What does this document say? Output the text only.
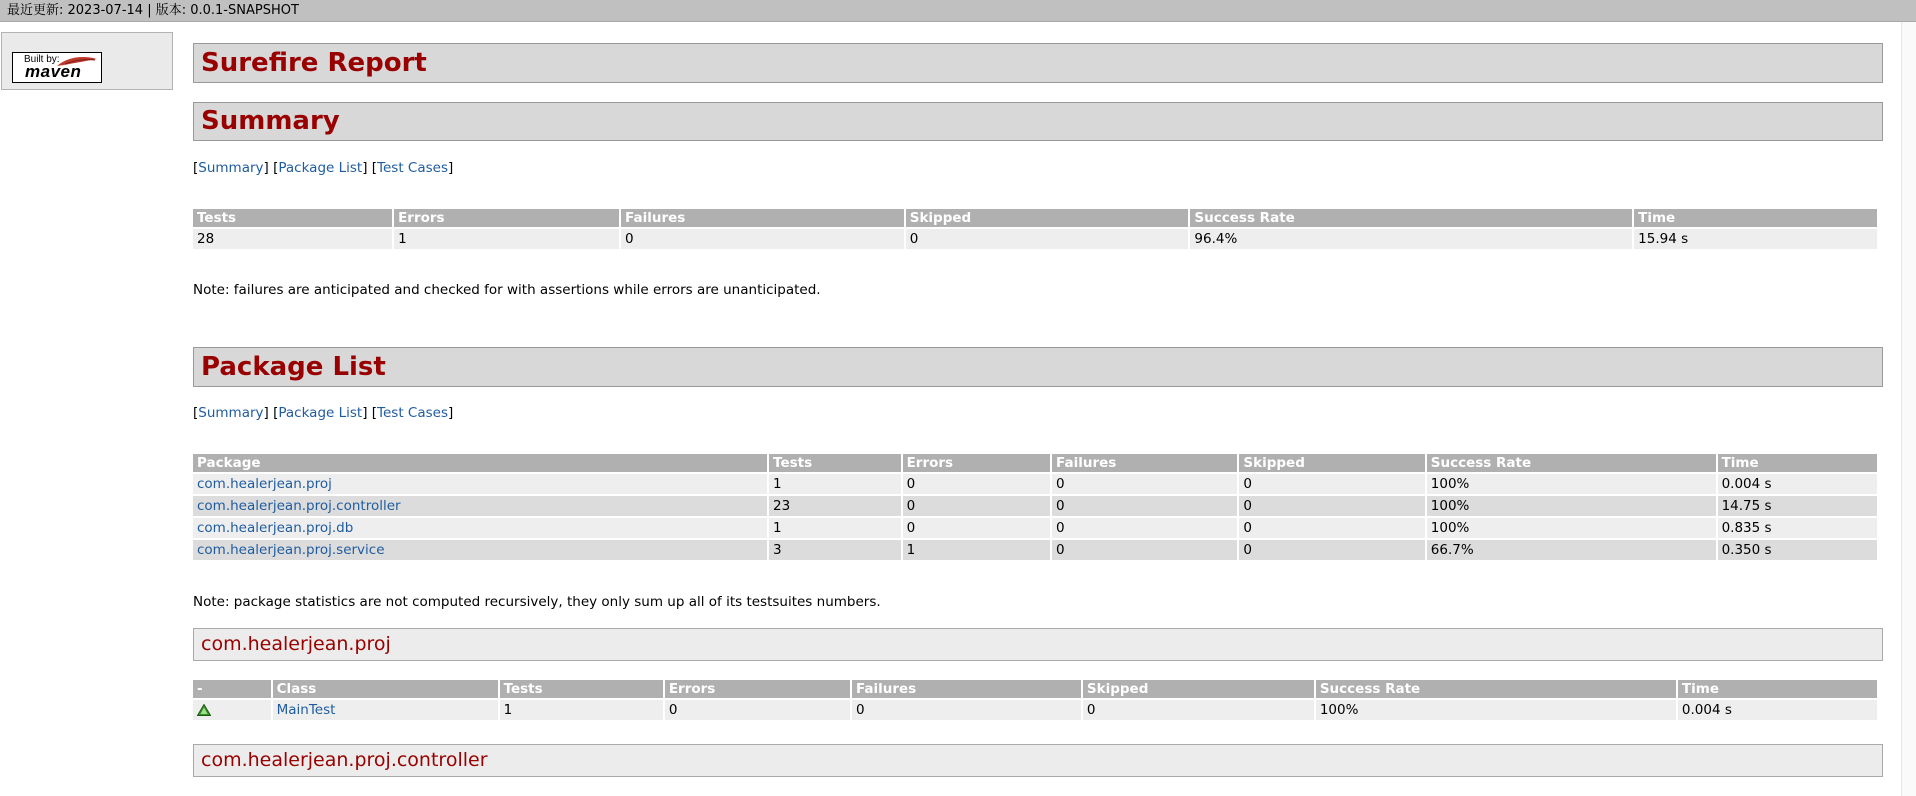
最近更新: 2023-07-14 | 版本: 0.0.1-SNAPSHOT
Built by:
maven	Surefire Report
Summary
[Summary] [Package List] [Test Cases]
Tests	Errors	Failures	Skipped	Success Rate	Time
28	1	0	0	96.4%	15.94 s
Note: failures are anticipated and checked for with assertions while errors are unanticipated.
Package List
[Summary] [Package List] [Test Cases]
Package	Tests	Errors	Failures	Skipped	Success Rate	Time
com.healerjean.proj	1	0	0	0	100%	0.004 s
com.healerjean.proj.controller	23	0	0	0	100%	14.75 s
com.healerjean.proj.db	1	0	0	0	100%	0.835 s
com.healerjean.proj.service	3	1	0	0	66.7%	0.350 s
Note: package statistics are not computed recursively, they only sum up all of its testsuites numbers.
com.healerjean.proj
-	Class	Tests	Errors	Failures	Skipped	Success Rate	Time
	MainTest	1	0	0	0	100%	0.004 s
com.healerjean.proj.controller
